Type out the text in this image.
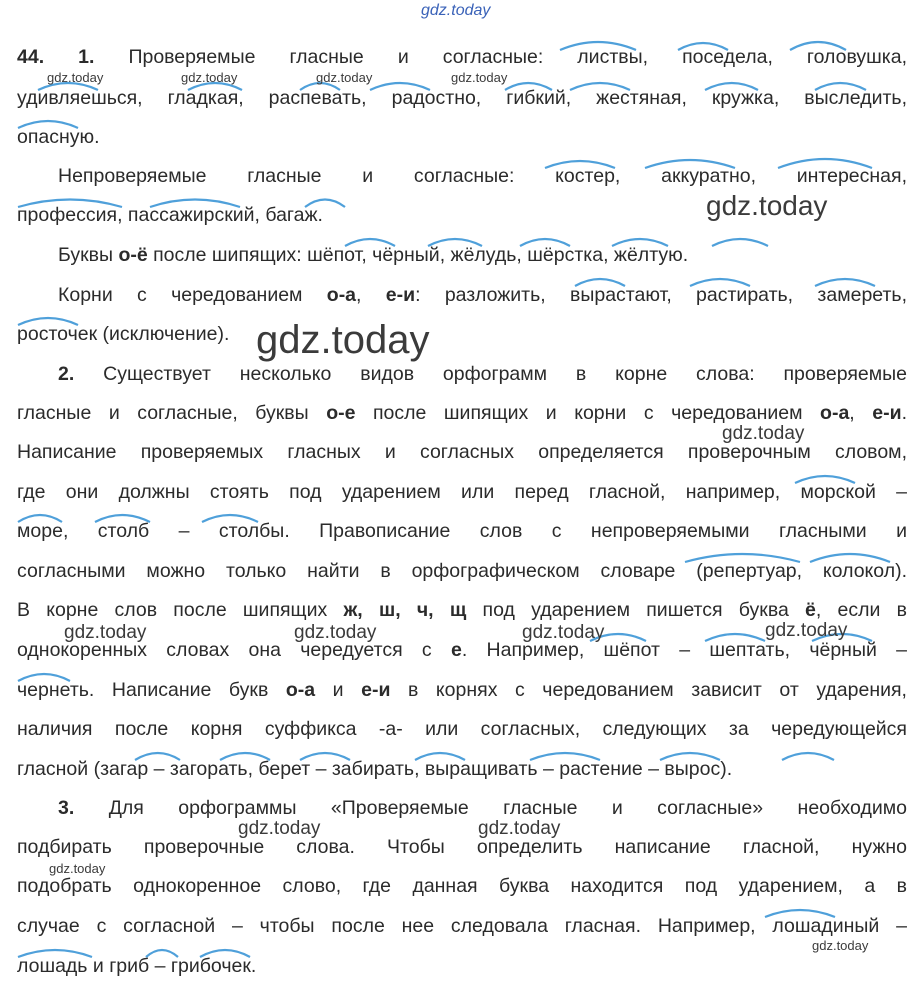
gdz.today
44. 1. Проверяемые гласные и согласные: листвы, поседела, головушка,
удивляешься, гладкая, распевать, радостно, гибкий, жестяная, кружка, выследить,
опасную.
Непроверяемые гласные и согласные: костер, аккуратно, интересная,
профессия, пассажирский, багаж.
Буквы о-ё после шипящих: шёпот, чёрный, жёлудь, шёрстка, жёлтую.
Корни с чередованием о-а, е-и: разложить, вырастают, растирать, замереть,
росточек (исключение).
2. Существует несколько видов орфограмм в корне слова: проверяемые
гласные и согласные, буквы о-е после шипящих и корни с чередованием о-а, е-и.
Написание проверяемых гласных и согласных определяется проверочным словом,
где они должны стоять под ударением или перед гласной, например, морской –
море, столб – столбы. Правописание слов с непроверяемыми гласными и
согласными можно только найти в орфографическом словаре (репертуар, колокол).
В корне слов после шипящих ж, ш, ч, щ под ударением пишется буква ё, если в
однокоренных словах она чередуется с е. Например, шёпот – шептать, чёрный –
чернеть. Написание букв о-а и е-и в корнях с чередованием зависит от ударения,
наличия после корня суффикса -а- или согласных, следующих за чередующейся
гласной (загар – загорать, берет – забирать, выращивать – растение – вырос).
3. Для орфограммы «Проверяемые гласные и согласные» необходимо
подбирать проверочные слова. Чтобы определить написание гласной, нужно
подобрать однокоренное слово, где данная буква находится под ударением, а в
случае с согласной – чтобы после нее следовала гласная. Например, лошадиный –
лошадь и гриб – грибочек.
gdz.today	gdz.today	gdz.today	gdz.today
gdz.today
gdz.today
gdz.today
gdz.today	gdz.today	gdz.today	gdz.today
gdz.today	gdz.today
gdz.today
gdz.today
